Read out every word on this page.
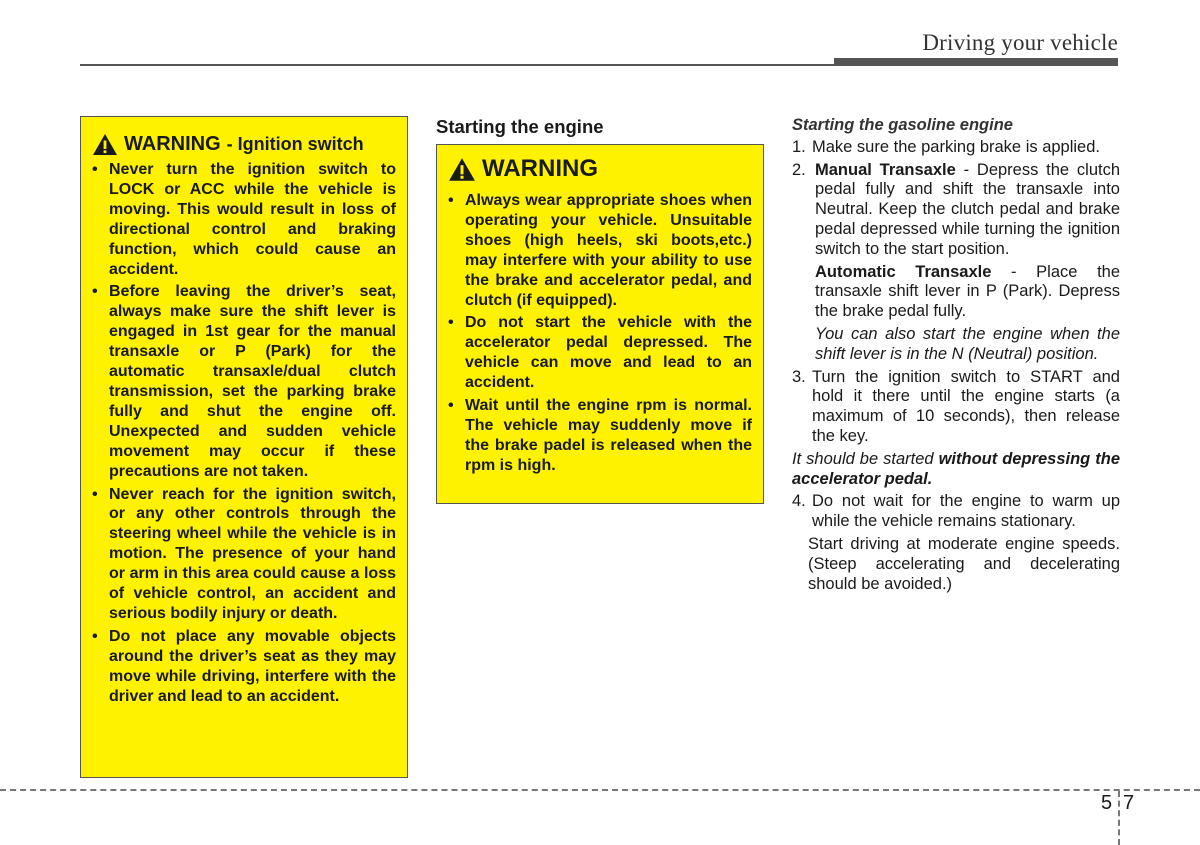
Driving your vehicle
WARNING - Ignition switch
• Never turn the ignition switch to LOCK or ACC while the vehicle is moving. This would result in loss of directional control and braking function, which could cause an accident.
• Before leaving the driver’s seat, always make sure the shift lever is engaged in 1st gear for the manual transaxle or P (Park) for the automatic transaxle/dual clutch transmission, set the parking brake fully and shut the engine off. Unexpected and sudden vehicle movement may occur if these precautions are not taken.
• Never reach for the ignition switch, or any other controls through the steering wheel while the vehicle is in motion. The presence of your hand or arm in this area could cause a loss of vehicle control, an accident and serious bodily injury or death.
• Do not place any movable objects around the driver’s seat as they may move while driving, interfere with the driver and lead to an accident.
Starting the engine
WARNING
• Always wear appropriate shoes when operating your vehicle. Unsuitable shoes (high heels, ski boots,etc.) may interfere with your ability to use the brake and accelerator pedal, and clutch (if equipped).
• Do not start the vehicle with the accelerator pedal depressed. The vehicle can move and lead to an accident.
• Wait until the engine rpm is normal. The vehicle may suddenly move if the brake padel is released when the rpm is high.
Starting the gasoline engine
1. Make sure the parking brake is applied.
2. Manual Transaxle - Depress the clutch pedal fully and shift the transaxle into Neutral. Keep the clutch pedal and brake pedal depressed while turning the ignition switch to the start position.
Automatic Transaxle - Place the transaxle shift lever in P (Park). Depress the brake pedal fully.
You can also start the engine when the shift lever is in the N (Neutral) position.
3. Turn the ignition switch to START and hold it there until the engine starts (a maximum of 10 seconds), then release the key.
It should be started without depressing the accelerator pedal.
4. Do not wait for the engine to warm up while the vehicle remains stationary.
Start driving at moderate engine speeds. (Steep accelerating and decelerating should be avoided.)
5 7
